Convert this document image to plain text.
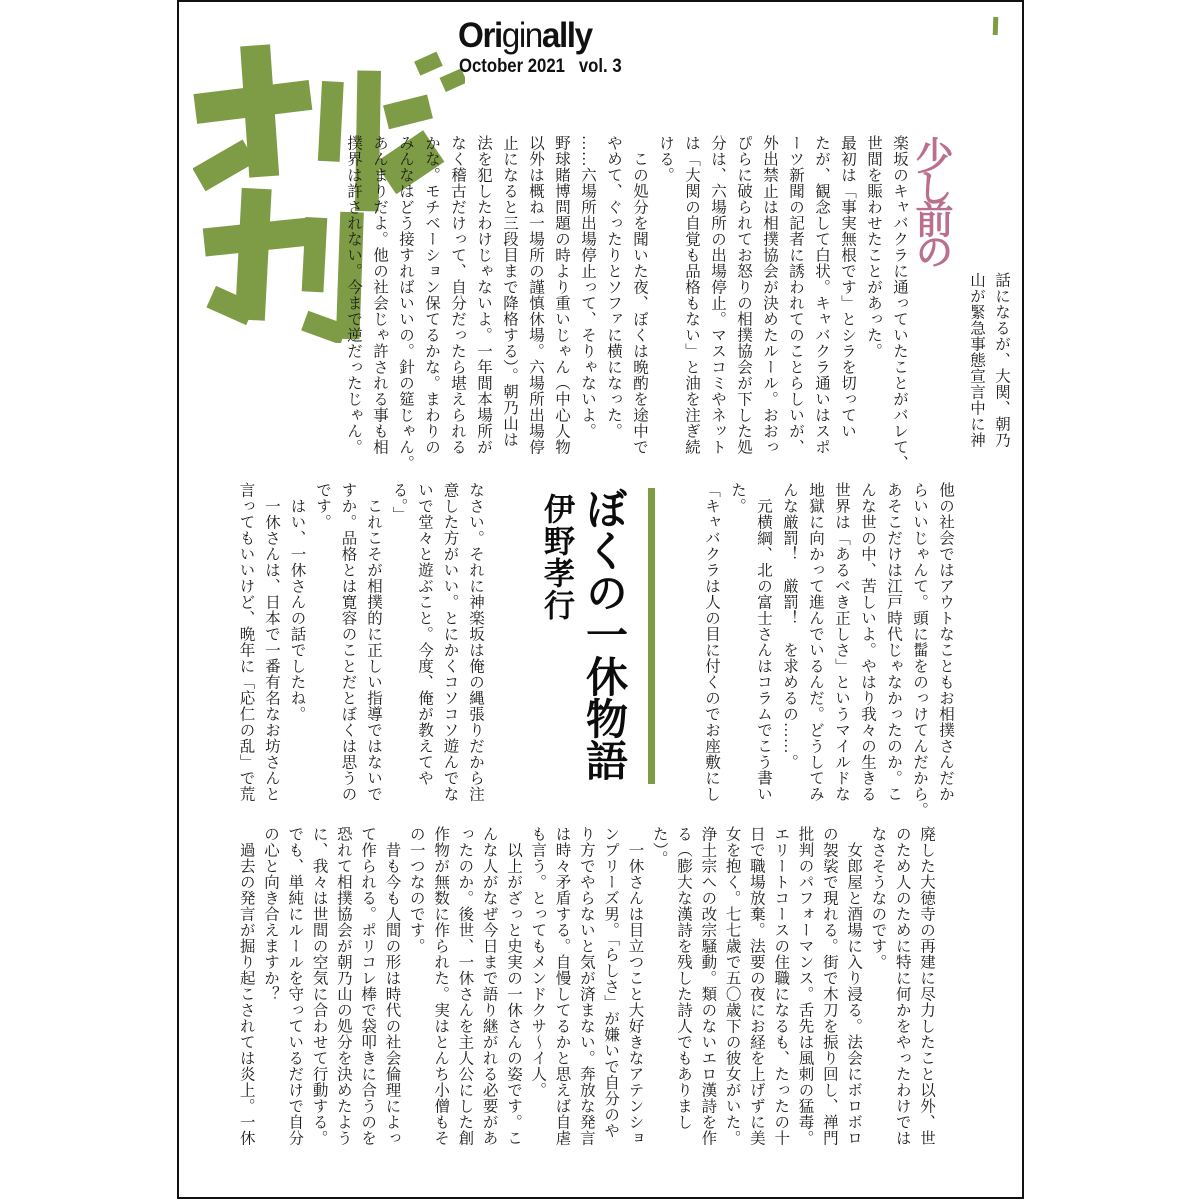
Originally
October 2021   vol. 3
少し前の
話になるが、大関、朝乃
山が緊急事態宣言中に神
楽坂のキャバクラに通っていたことがバレて、
世間を賑わせたことがあった。
最初は「事実無根です」とシラを切ってい
たが、観念して白状。キャバクラ通いはスポ
ーツ新聞の記者に誘われてのことらしいが、
外出禁止は相撲協会が決めたルール。おおっ
ぴらに破られてお怒りの相撲協会が下した処
分は、六場所の出場停止。マスコミやネット
は「大関の自覚も品格もない」と油を注ぎ続
ける。
　この処分を聞いた夜、ぼくは晩酌を途中で
やめて、ぐったりとソファに横になった。
……六場所出場停止って、そりゃないよ。
野球賭博問題の時より重いじゃん（中心人物
以外は概ね一場所の謹慎休場。六場所出場停
止になると三段目まで降格する）。朝乃山は
法を犯したわけじゃないよ。一年間本場所が
なく稽古だけって、自分だったら堪えられる
かな。モチベーション保てるかな。まわりの
みんなはどう接すればいいの。針の筵じゃん。
あんまりだよ。他の社会じゃ許される事も相
撲界は許されない。今まで逆だったじゃん。
他の社会ではアウトなこともお相撲さんだか
らいいじゃんて。頭に髷をのっけてんだから。
あそこだけは江戸時代じゃなかったのか。こ
んな世の中、苦しいよ。やはり我々の生きる
世界は「あるべき正しさ」というマイルドな
地獄に向かって進んでいるんだ。どうしてみ
んな厳罰！　厳罰！　を求めるの……。
　元横綱、北の富士さんはコラムでこう書い
た。
「キャバクラは人の目に付くのでお座敷にし
ぼくの一休物語
伊野孝行
なさい。それに神楽坂は俺の縄張りだから注
意した方がいい。とにかくコソコソ遊んでな
いで堂々と遊ぶこと。今度、俺が教えてや
る。」
　これこそが相撲的に正しい指導ではないで
すか。品格とは寛容のことだとぼくは思うの
です。
　はい、一休さんの話でしたね。
　一休さんは、日本で一番有名なお坊さんと
言ってもいいけど、晩年に「応仁の乱」で荒
廃した大徳寺の再建に尽力したこと以外、世
のため人のために特に何かをやったわけでは
なさそうなのです。
　女郎屋と酒場に入り浸る。法会にボロボロ
の袈裟で現れる。街で木刀を振り回し、禅門
批判のパフォーマンス。舌先は風刺の猛毒。
エリートコースの住職になるも、たったの十
日で職場放棄。法要の夜にお経を上げずに美
女を抱く。七七歳で五〇歳下の彼女がいた。
浄土宗への改宗騒動。類のないエロ漢詩を作
る（膨大な漢詩を残した詩人でもありまし
た）。
　一休さんは目立つこと大好きなアテンショ
ンプリーズ男。「らしさ」が嫌いで自分のや
り方でやらないと気が済まない。奔放な発言
は時々矛盾する。自慢してるかと思えば自虐
も言う。とってもメンドクサ〜イ人。
　以上がざっと史実の一休さんの姿です。こ
んな人がなぜ今日まで語り継がれる必要があ
ったのか。後世、一休さんを主人公にした創
作物が無数に作られた。実はとんち小僧もそ
の一つなのです。
　昔も今も人間の形は時代の社会倫理によっ
て作られる。ポリコレ棒で袋叩きに合うのを
恐れて相撲協会が朝乃山の処分を決めたよう
に、我々は世間の空気に合わせて行動する。
でも、単純にルールを守っているだけで自分
の心と向き合えますか？
　過去の発言が掘り起こされては炎上。一休
